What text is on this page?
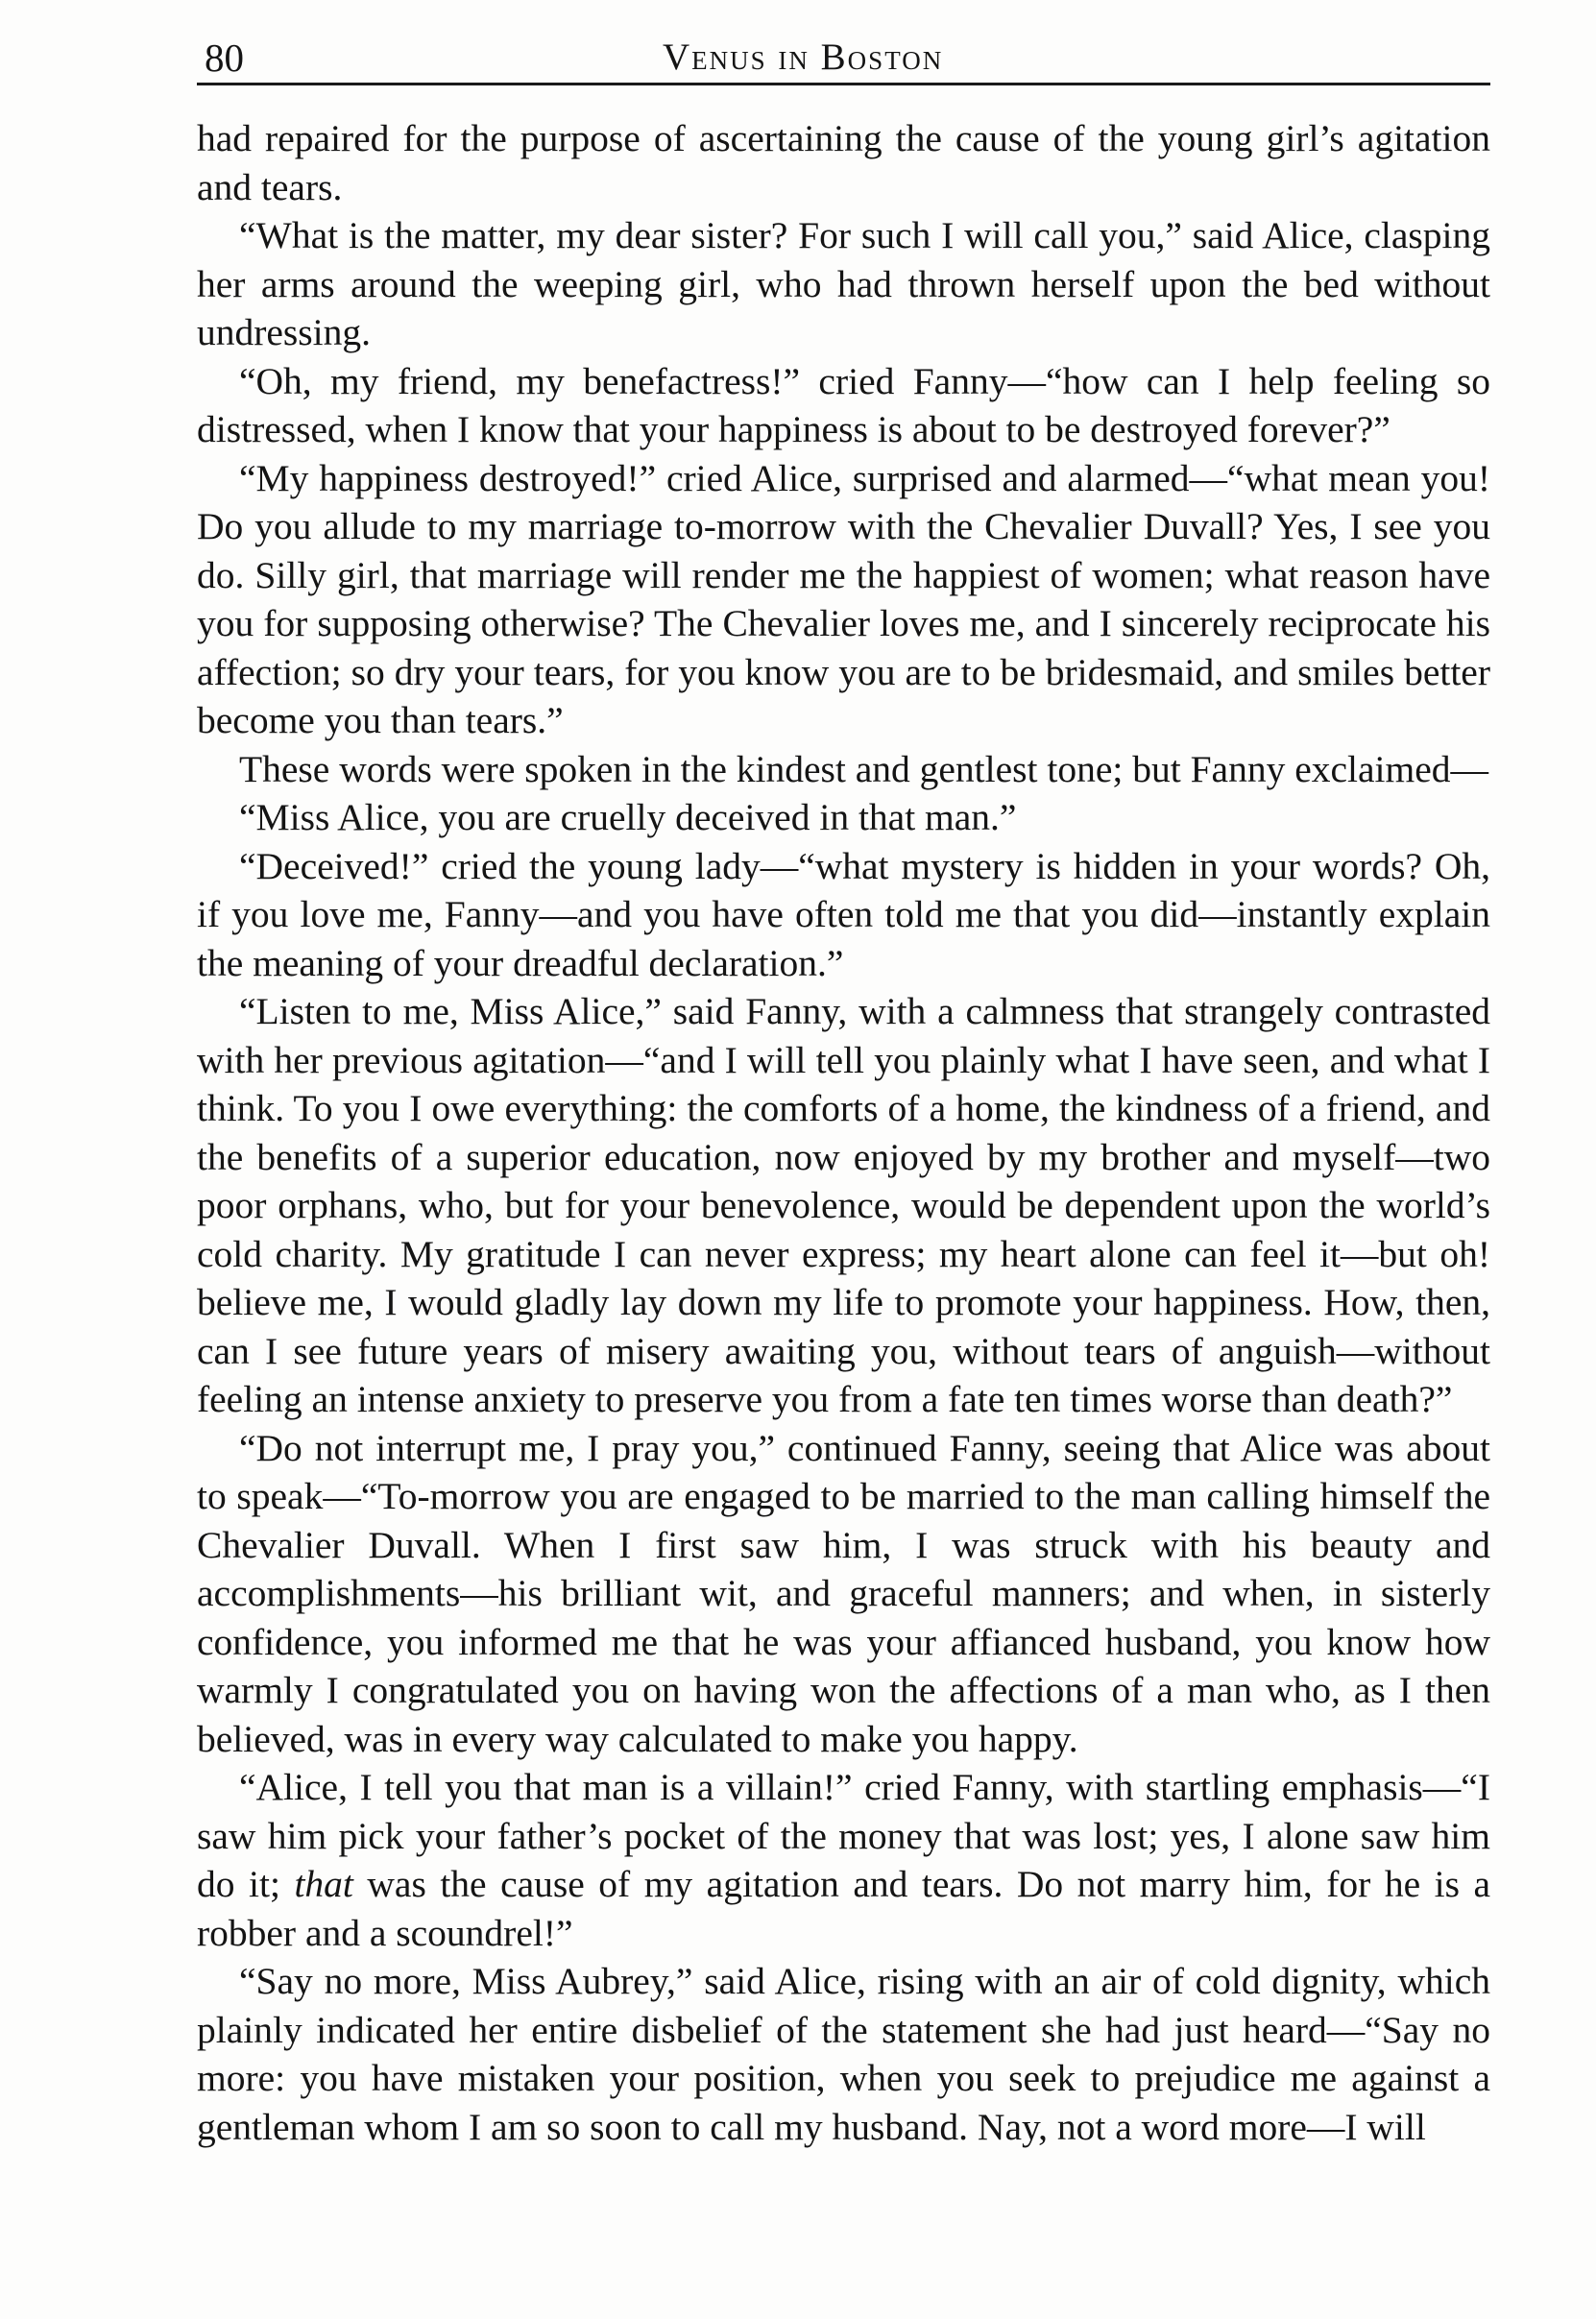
80	Venus in Boston

had repaired for the purpose of ascertaining the cause of the young girl’s agitation and tears.

“What is the matter, my dear sister? For such I will call you,” said Alice, clasping her arms around the weeping girl, who had thrown herself upon the bed without undressing.

“Oh, my friend, my benefactress!” cried Fanny—“how can I help feeling so distressed, when I know that your happiness is about to be destroyed forever?”

“My happiness destroyed!” cried Alice, surprised and alarmed—“what mean you! Do you allude to my marriage to-morrow with the Chevalier Duvall? Yes, I see you do. Silly girl, that marriage will render me the happiest of women; what reason have you for supposing otherwise? The Chevalier loves me, and I sincerely reciprocate his affection; so dry your tears, for you know you are to be bridesmaid, and smiles better become you than tears.”

These words were spoken in the kindest and gentlest tone; but Fanny exclaimed—

“Miss Alice, you are cruelly deceived in that man.”

“Deceived!” cried the young lady—“what mystery is hidden in your words? Oh, if you love me, Fanny—and you have often told me that you did—instantly explain the meaning of your dreadful declaration.”

“Listen to me, Miss Alice,” said Fanny, with a calmness that strangely contrasted with her previous agitation—“and I will tell you plainly what I have seen, and what I think. To you I owe everything: the comforts of a home, the kindness of a friend, and the benefits of a superior education, now enjoyed by my brother and myself—two poor orphans, who, but for your benevolence, would be dependent upon the world’s cold charity. My gratitude I can never express; my heart alone can feel it—but oh! believe me, I would gladly lay down my life to promote your happiness. How, then, can I see future years of misery awaiting you, without tears of anguish—without feeling an intense anxiety to preserve you from a fate ten times worse than death?”

“Do not interrupt me, I pray you,” continued Fanny, seeing that Alice was about to speak—“To-morrow you are engaged to be married to the man calling himself the Chevalier Duvall. When I first saw him, I was struck with his beauty and accomplishments—his brilliant wit, and graceful manners; and when, in sisterly confidence, you informed me that he was your affianced husband, you know how warmly I congratulated you on having won the affections of a man who, as I then believed, was in every way calculated to make you happy.

“Alice, I tell you that man is a villain!” cried Fanny, with startling emphasis—“I saw him pick your father’s pocket of the money that was lost; yes, I alone saw him do it; that was the cause of my agitation and tears. Do not marry him, for he is a robber and a scoundrel!”

“Say no more, Miss Aubrey,” said Alice, rising with an air of cold dignity, which plainly indicated her entire disbelief of the statement she had just heard—“Say no more: you have mistaken your position, when you seek to prejudice me against a gentleman whom I am so soon to call my husband. Nay, not a word more—I will
